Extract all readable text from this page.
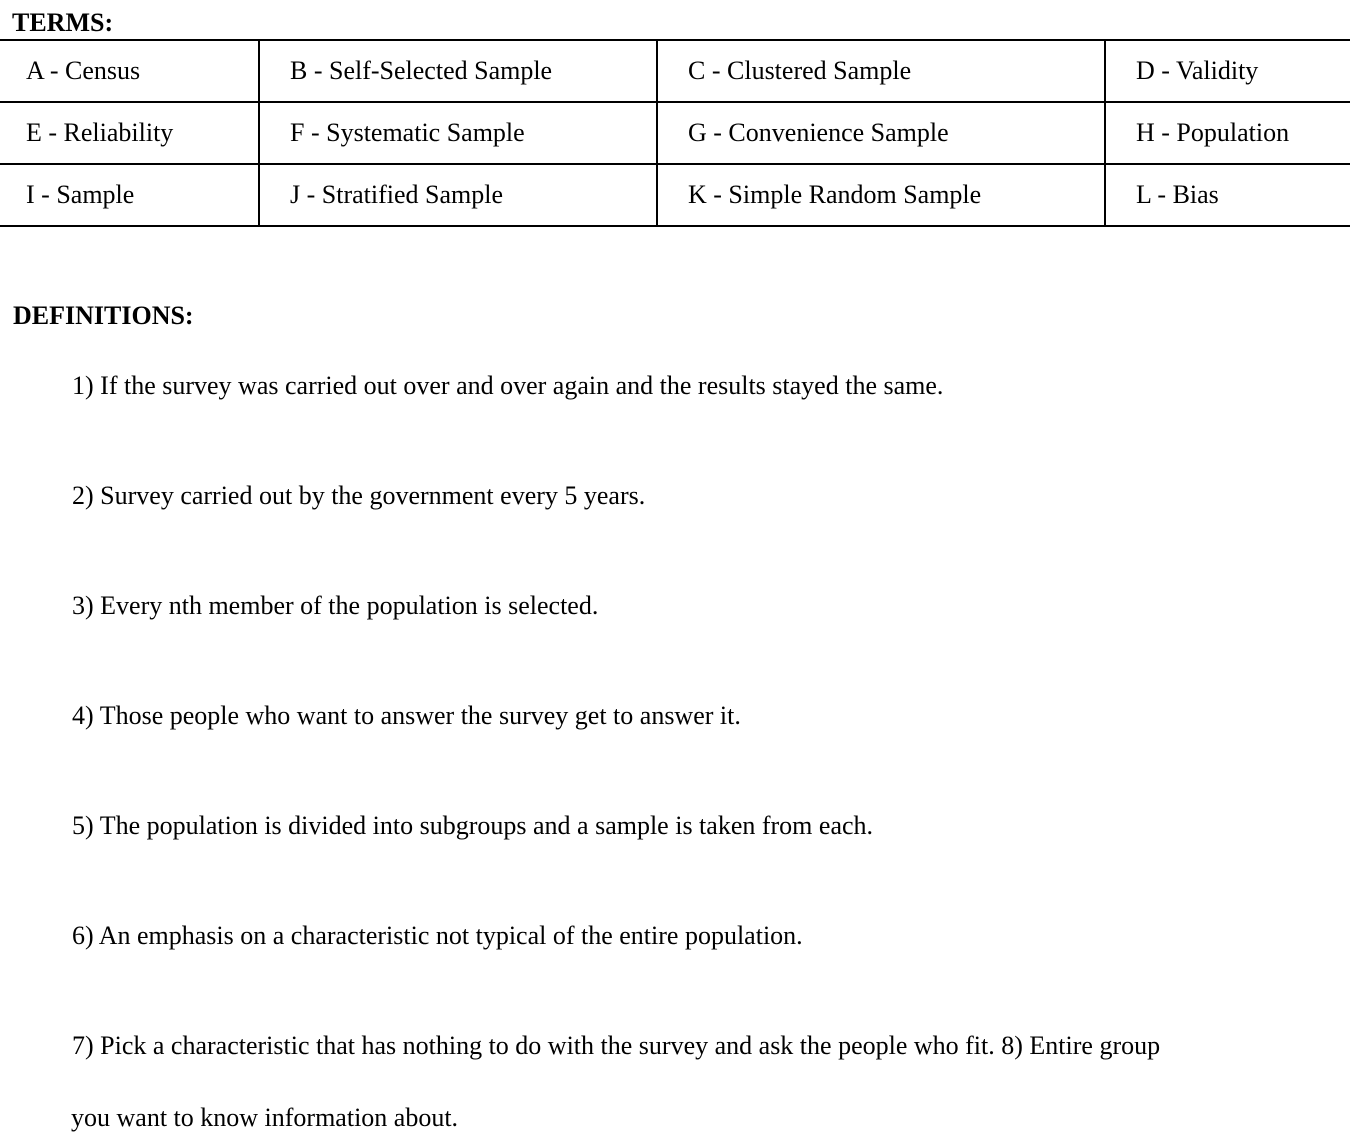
TERMS:
A - Census	B - Self-Selected Sample	C - Clustered Sample	D - Validity
E - Reliability	F - Systematic Sample	G - Convenience Sample	H - Population
I - Sample	J - Stratified Sample	K - Simple Random Sample	L - Bias
DEFINITIONS:
1) If the survey was carried out over and over again and the results stayed the same.
2) Survey carried out by the government every 5 years.
3) Every nth member of the population is selected.
4) Those people who want to answer the survey get to answer it.
5) The population is divided into subgroups and a sample is taken from each.
6) An emphasis on a characteristic not typical of the entire population.
7) Pick a characteristic that has nothing to do with the survey and ask the people who fit. 8) Entire group
you want to know information about.
